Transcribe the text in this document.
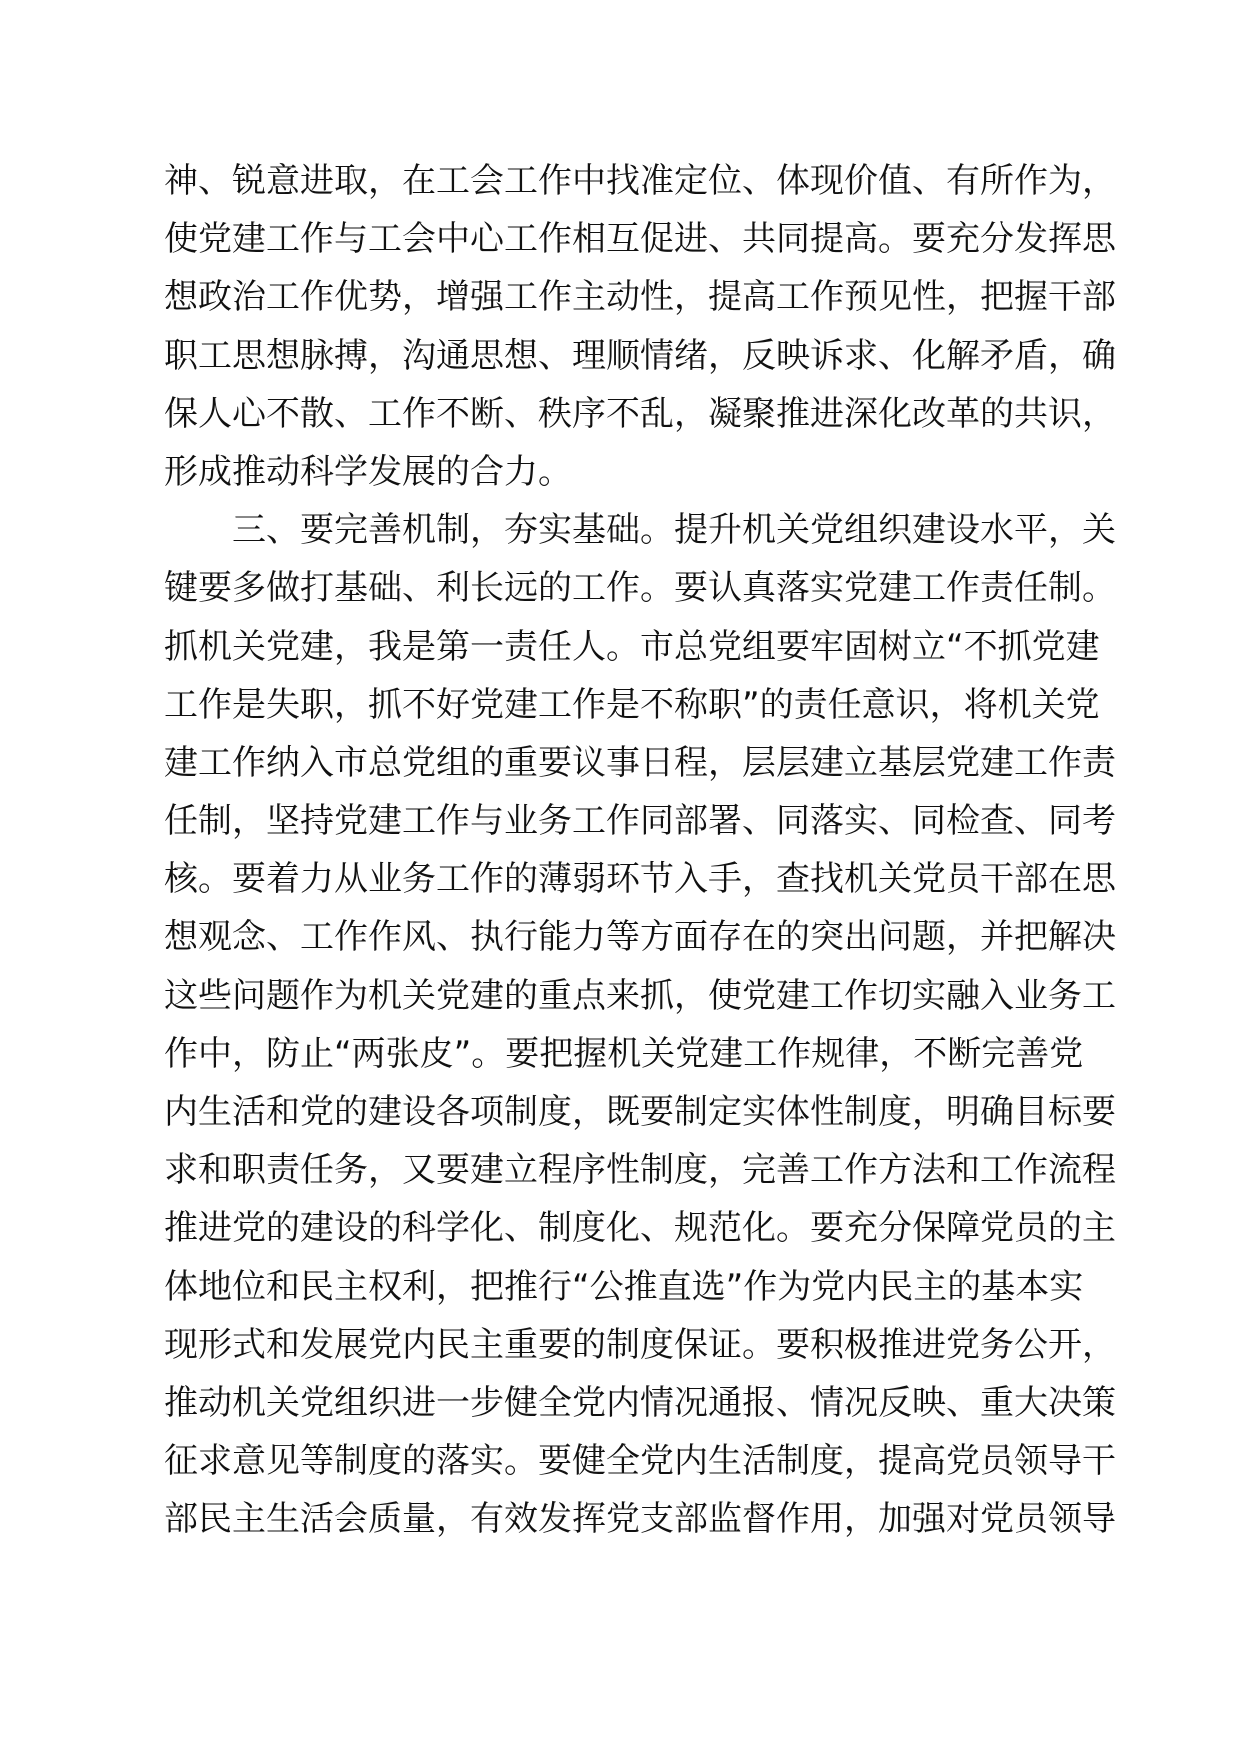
神、锐意进取，在工会工作中找准定位、体现价值、有所作为，
使党建工作与工会中心工作相互促进、共同提高。要充分发挥思
想政治工作优势，增强工作主动性，提高工作预见性，把握干部
职工思想脉搏，沟通思想、理顺情绪，反映诉求、化解矛盾，确
保人心不散、工作不断、秩序不乱，凝聚推进深化改革的共识，
形成推动科学发展的合力。
三、要完善机制，夯实基础。提升机关党组织建设水平，关
键要多做打基础、利长远的工作。要认真落实党建工作责任制。
抓机关党建，我是第一责任人。市总党组要牢固树立“不抓党建
工作是失职，抓不好党建工作是不称职”的责任意识，将机关党
建工作纳入市总党组的重要议事日程，层层建立基层党建工作责
任制，坚持党建工作与业务工作同部署、同落实、同检查、同考
核。要着力从业务工作的薄弱环节入手，查找机关党员干部在思
想观念、工作作风、执行能力等方面存在的突出问题，并把解决
这些问题作为机关党建的重点来抓，使党建工作切实融入业务工
作中，防止“两张皮”。要把握机关党建工作规律，不断完善党
内生活和党的建设各项制度，既要制定实体性制度，明确目标要
求和职责任务，又要建立程序性制度，完善工作方法和工作流程
推进党的建设的科学化、制度化、规范化。要充分保障党员的主
体地位和民主权利，把推行“公推直选”作为党内民主的基本实
现形式和发展党内民主重要的制度保证。要积极推进党务公开，
推动机关党组织进一步健全党内情况通报、情况反映、重大决策
征求意见等制度的落实。要健全党内生活制度，提高党员领导干
部民主生活会质量，有效发挥党支部监督作用，加强对党员领导
